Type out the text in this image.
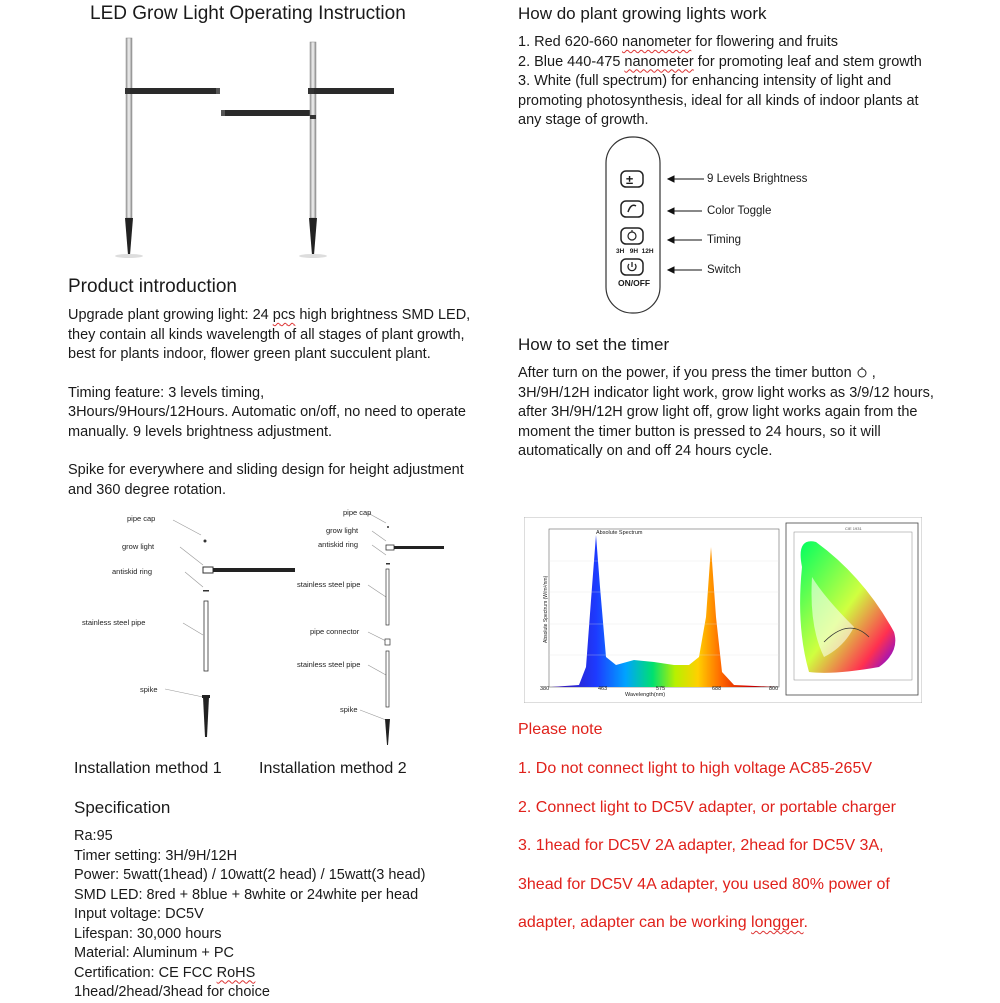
LED Grow Light Operating Instruction
Product introduction

Upgrade plant growing light: 24 pcs high brightness SMD LED,

they contain all kinds wavelength of all stages of plant growth,

best for plants indoor, flower green plant succulent plant.

Timing feature: 3 levels timing,

3Hours/9Hours/12Hours. Automatic on/off, no need to operate

manually. 9 levels brightness adjustment.

Spike for everywhere and sliding design for height adjustment

and 360 degree rotation.

pipe cap
grow light
antiskid ring
stainless steel pipe
spike
pipe cap
grow light
antiskid ring
stainless steel pipe
pipe connector
stainless steel pipe
spike
Installation method 1 Installation method 2
Specification
Ra:95
Timer setting: 3H/9H/12H
Power: 5watt(1head) / 10watt(2 head) / 15watt(3 head)
SMD LED: 8red + 8blue + 8white or 24white per head
Input voltage: DC5V
Lifespan: 30,000 hours
Material: Aluminum + PC
Certification: CE FCC RoHS
1head/2head/3head for choice
How do plant growing lights work

1. Red 620-660 nanometer for flowering and fruits

2. Blue 440-475 nanometer for promoting leaf and stem growth

3. White (full spectrum) for enhancing intensity of light and

promoting photosynthesis, ideal for all kinds of indoor plants at

any stage of growth.

±
3H   9H  12H
ON/OFF
9 Levels Brightness
Color Toggle
Timing
Switch
How to set the timer

After turn on the power, if you press the timer button  ,

3H/9H/12H indicator light work, grow light works as 3/9/12 hours,

after 3H/9H/12H grow light off, grow light works again from the

moment the timer button is pressed to 24 hours, so it will

automatically on and off 24 hours cycle.

Absolute Spectrum
CIE 1931
Wavelength(nm)
380	463	575	688	800
Absolute Spectrum (W/m²/nm)
Please note
1. Do not connect light to high voltage AC85-265V
2. Connect light to DC5V adapter, or portable charger
3. 1head for DC5V 2A adapter, 2head for DC5V 3A,
3head for DC5V 4A adapter, you used 80% power of
adapter, adapter can be working longger.
